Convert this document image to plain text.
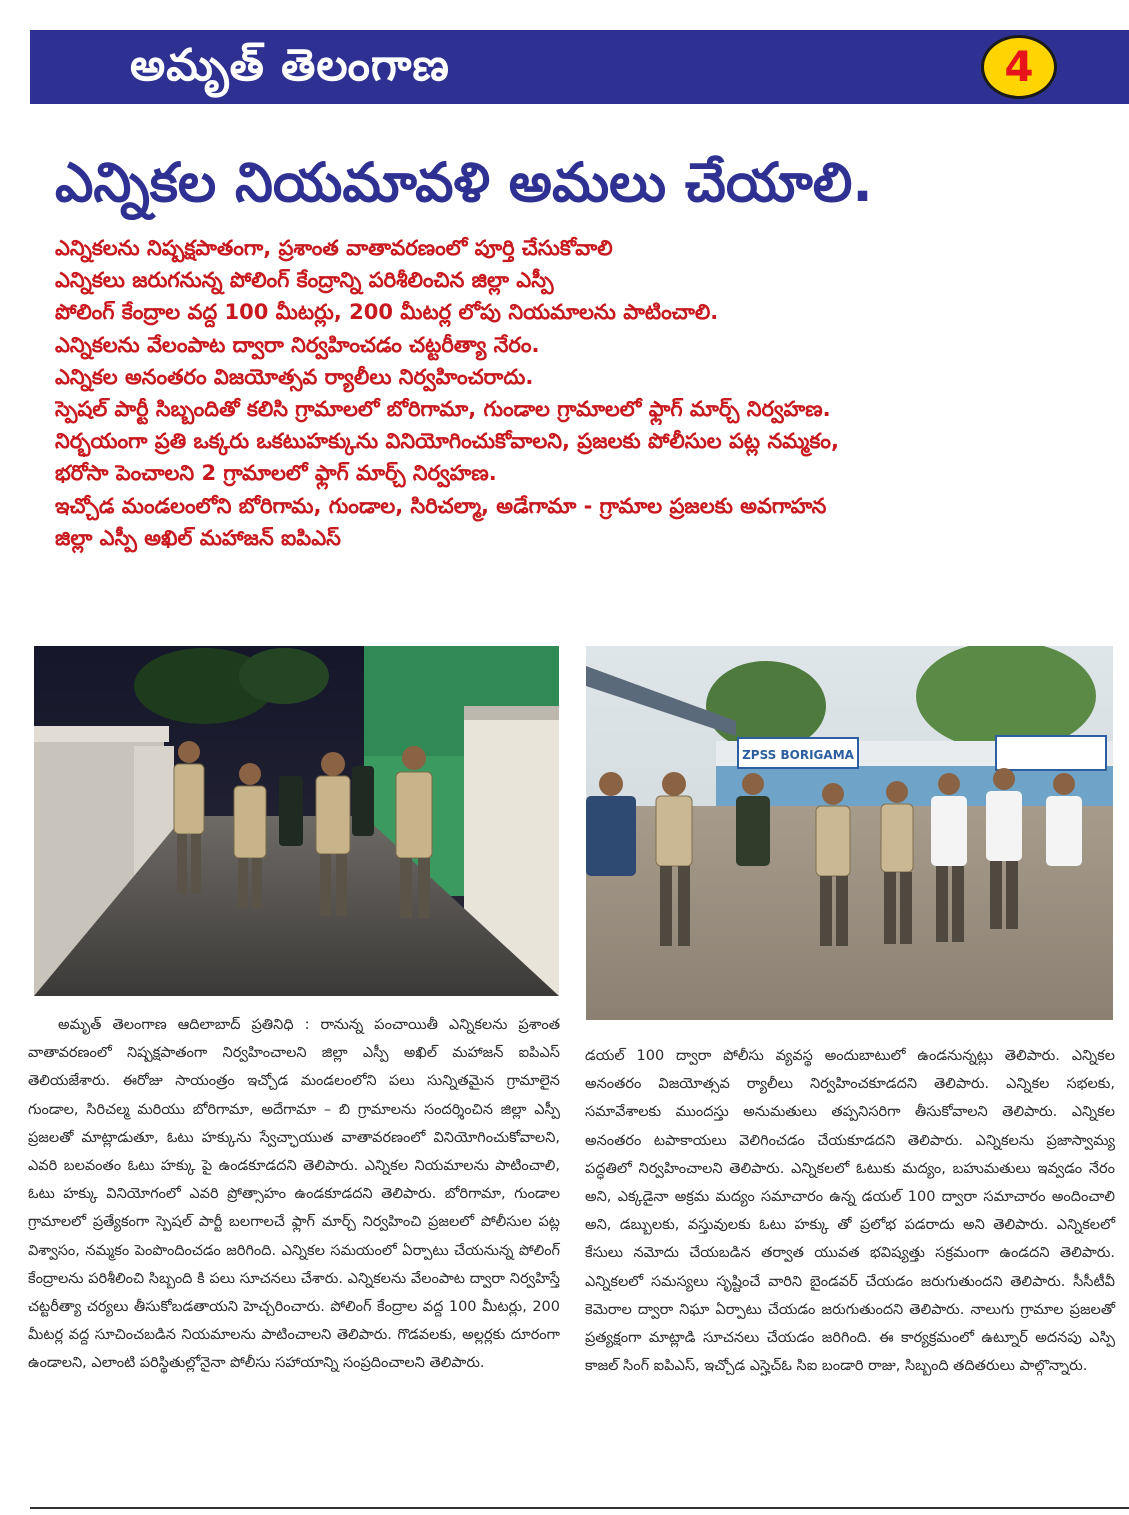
అమృత్ తెలంగాణ	4
ఎన్నికల నియమావళి అమలు చేయాలి.
ఎన్నికలను నిష్పక్షపాతంగా, ప్రశాంత వాతావరణంలో పూర్తి చేసుకోవాలి
ఎన్నికలు జరుగనున్న పోలింగ్ కేంద్రాన్ని పరిశీలించిన జిల్లా ఎస్పీ
పోలింగ్ కేంద్రాల వద్ద 100 మీటర్లు, 200 మీటర్ల లోపు నియమాలను పాటించాలి.
ఎన్నికలను వేలంపాట ద్వారా నిర్వహించడం చట్టరీత్యా నేరం.
ఎన్నికల అనంతరం విజయోత్సవ ర్యాలీలు నిర్వహించరాదు.
స్పెషల్ పార్టీ సిబ్బందితో కలిసి గ్రామాలలో బోరిగామా, గుండాల గ్రామాలలో ఫ్లాగ్ మార్చ్ నిర్వహణ.
నిర్భయంగా ప్రతి ఒక్కరు ఒకటుహక్కును వినియోగించుకోవాలని, ప్రజలకు పోలీసుల పట్ల నమ్మకం,
భరోసా పెంచాలని 2 గ్రామాలలో ఫ్లాగ్ మార్చ్ నిర్వహణ.
ఇచ్చోడ మండలంలోని బోరిగామ, గుండాల, సిరిచల్మా, అడేగామా - గ్రామాల ప్రజలకు అవగాహన
జిల్లా ఎస్పీ అఖిల్ మహాజన్ ఐపిఎస్
ZPSS BORIGAMA

అమృత్ తెలంగాణ ఆదిలాబాద్ ప్రతినిధి : రానున్న పంచాయితీ ఎన్నికలను ప్రశాంత వాతావరణంలో నిష్పక్షపాతంగా నిర్వహించాలని జిల్లా ఎస్పీ అఖిల్ మహాజన్ ఐపిఎస్ తెలియజేశారు. ఈరోజు సాయంత్రం ఇచ్చోడ మండలంలోని పలు సున్నితమైన గ్రామాలైన గుండాల, సిరిచల్మ మరియు బోరిగామా, అదేగామా – బి గ్రామాలను సందర్శించిన జిల్లా ఎస్పీ ప్రజలతో మాట్లాడుతూ, ఓటు హక్కును స్వేచ్ఛాయుత వాతావరణంలో వినియోగించుకోవాలని, ఎవరి బలవంతం ఓటు హక్కు పై ఉండకూడదని తెలిపారు. ఎన్నికల నియమాలను పాటించాలి, ఓటు హక్కు వినియోగంలో ఎవరి ప్రోత్సాహం ఉండకూడదని తెలిపారు. బోరిగామా, గుండాల గ్రామాలలో ప్రత్యేకంగా స్పెషల్ పార్టీ బలగాలచే ఫ్లాగ్ మార్చ్ నిర్వహించి ప్రజలలో పోలీసుల పట్ల విశ్వాసం, నమ్మకం పెంపొందించడం జరిగింది. ఎన్నికల సమయంలో ఏర్పాటు చేయనున్న పోలింగ్ కేంద్రాలను పరిశీలించి సిబ్బంది కి పలు సూచనలు చేశారు. ఎన్నికలను వేలంపాట ద్వారా నిర్వహిస్తే చట్టరీత్యా చర్యలు తీసుకోబడతాయని హెచ్చరించారు. పోలింగ్ కేంద్రాల వద్ద 100 మీటర్లు, 200 మీటర్ల వద్ద సూచించబడిన నియమాలను పాటించాలని తెలిపారు. గొడవలకు, అల్లర్లకు దూరంగా ఉండాలని, ఎలాంటి పరిస్థితుల్లోనైనా పోలీసు సహాయాన్ని సంప్రదించాలని తెలిపారు.

డయల్ 100 ద్వారా పోలీసు వ్యవస్థ అందుబాటులో ఉండనున్నట్లు తెలిపారు. ఎన్నికల అనంతరం విజయోత్సవ ర్యాలీలు నిర్వహించకూడదని తెలిపారు. ఎన్నికల సభలకు, సమావేశాలకు ముందస్తు అనుమతులు తప్పనిసరిగా తీసుకోవాలని తెలిపారు. ఎన్నికల అనంతరం టపాకాయలు వెలిగించడం చేయకూడదని తెలిపారు. ఎన్నికలను ప్రజాస్వామ్య పద్ధతిలో నిర్వహించాలని తెలిపారు. ఎన్నికలలో ఓటుకు మద్యం, బహుమతులు ఇవ్వడం నేరం అని, ఎక్కడైనా అక్రమ మద్యం సమాచారం ఉన్న డయల్ 100 ద్వారా సమాచారం అందించాలి అని, డబ్బులకు, వస్తువులకు ఓటు హక్కు తో ప్రలోభ పడరాదు అని తెలిపారు. ఎన్నికలలో కేసులు నమోదు చేయబడిన తర్వాత యువత భవిష్యత్తు సక్రమంగా ఉండదని తెలిపారు. ఎన్నికలలో సమస్యలు సృష్టించే వారిని బైండవర్ చేయడం జరుగుతుందని తెలిపారు. సీసీటీవీ కెమెరాల ద్వారా నిఘా ఏర్పాటు చేయడం జరుగుతుందని తెలిపారు. నాలుగు గ్రామాల ప్రజలతో ప్రత్యక్షంగా మాట్లాడి సూచనలు చేయడం జరిగింది. ఈ కార్యక్రమంలో ఉట్నూర్ అదనపు ఎస్పి కాజల్ సింగ్ ఐపిఎస్, ఇచ్చోడ ఎస్హెచ్ఓ సిఐ బండారి రాజు, సిబ్బంది తదితరులు పాల్గొన్నారు.
